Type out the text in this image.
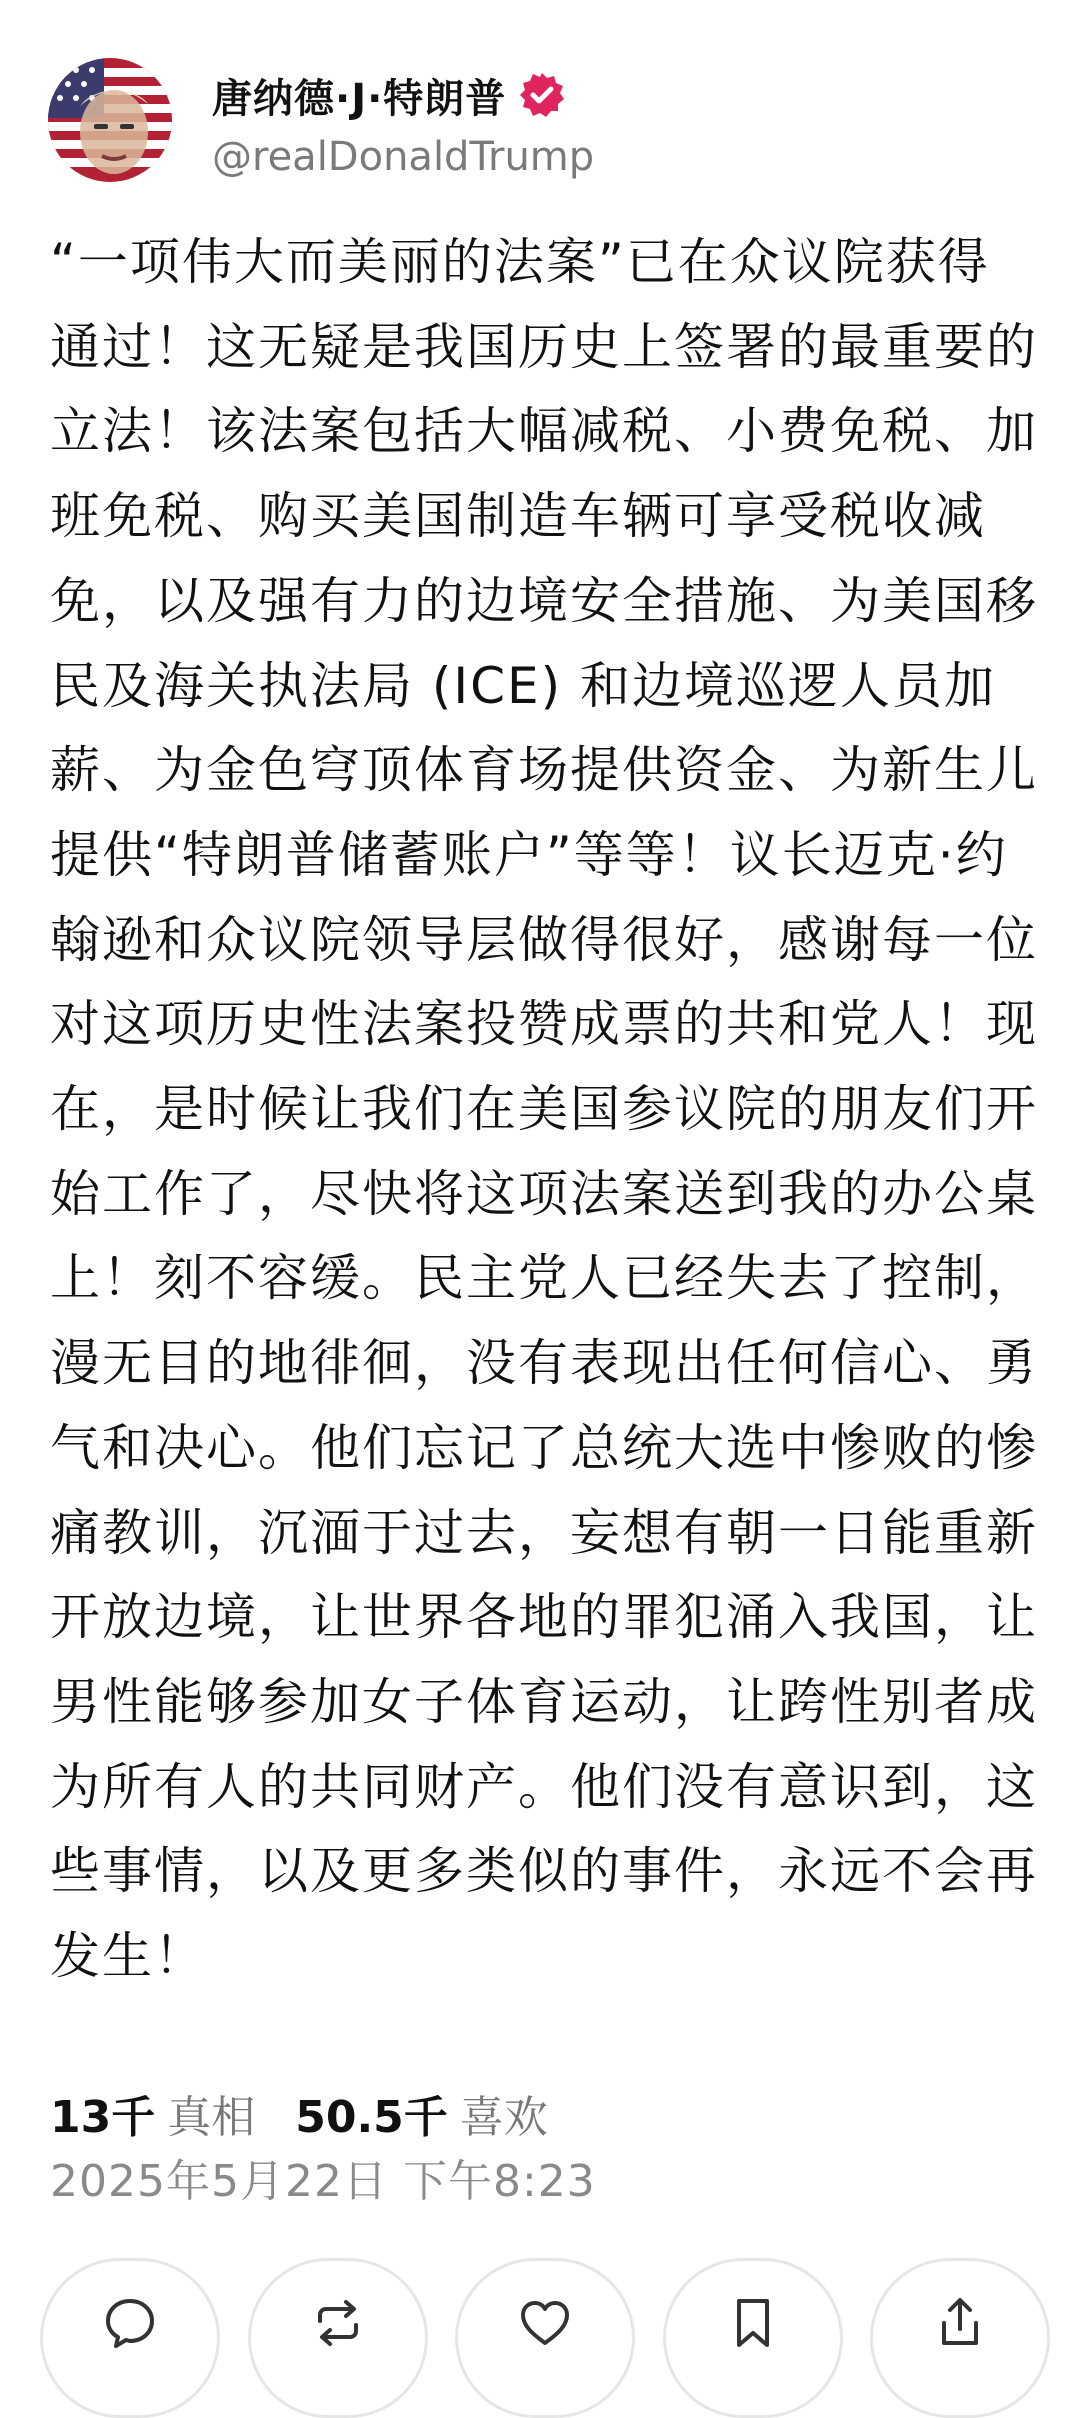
唐纳德·J·特朗普
@realDonaldTrump
“一项伟大而美丽的法案”已在众议院获得通过！这无疑是我国历史上签署的最重要的立法！该法案包括大幅减税、小费免税、加班免税、购买美国制造车辆可享受税收减免，以及强有力的边境安全措施、为美国移民及海关执法局 (ICE) 和边境巡逻人员加薪、为金色穹顶体育场提供资金、为新生儿提供“特朗普储蓄账户”等等！议长迈克·约翰逊和众议院领导层做得很好，感谢每一位对这项历史性法案投赞成票的共和党人！现在，是时候让我们在美国参议院的朋友们开始工作了，尽快将这项法案送到我的办公桌上！刻不容缓。民主党人已经失去了控制，漫无目的地徘徊，没有表现出任何信心、勇气和决心。他们忘记了总统大选中惨败的惨痛教训，沉湎于过去，妄想有朝一日能重新开放边境，让世界各地的罪犯涌入我国，让男性能够参加女子体育运动，让跨性别者成为所有人的共同财产。他们没有意识到，这些事情，以及更多类似的事件，永远不会再发生！
13千 真相 50.5千 喜欢
2025年5月22日 下午8:23
